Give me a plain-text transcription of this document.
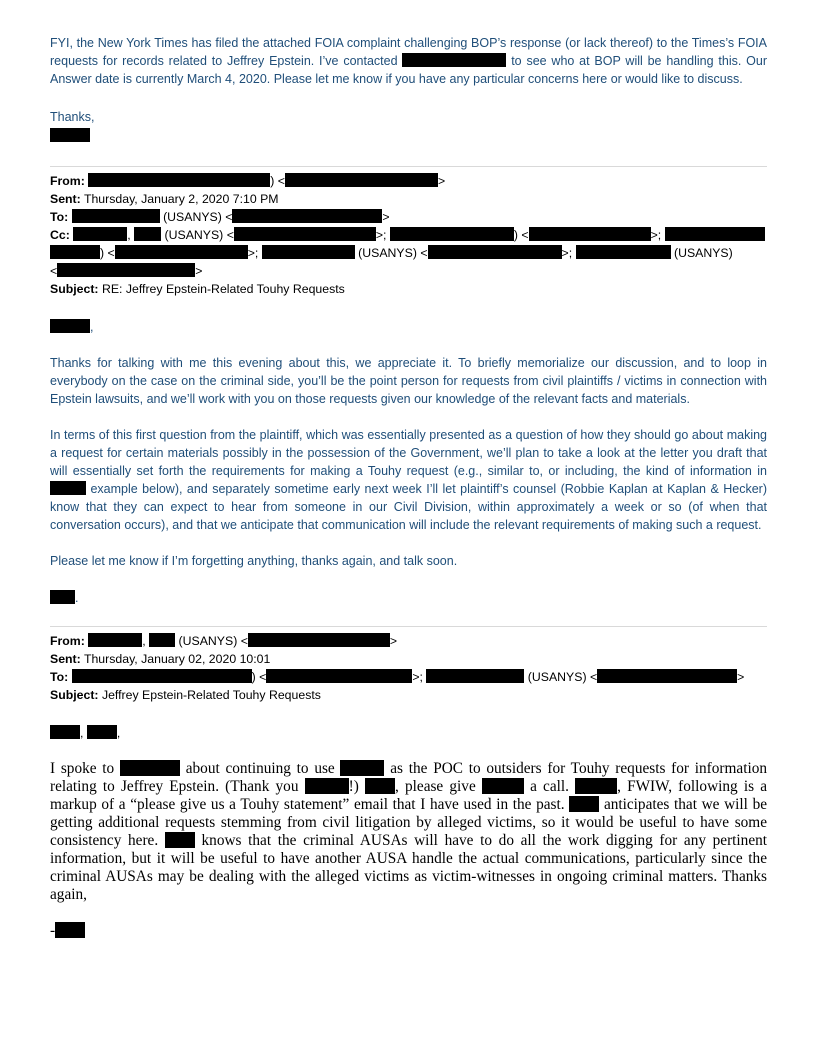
FYI, the New York Times has filed the attached FOIA complaint challenging BOP’s response (or lack thereof) to the Times’s FOIA requests for records related to Jeffrey Epstein. I’ve contacted	to see who at BOP will be handling this. Our Answer date is currently March 4, 2020. Please let me know if you have any particular concerns here or would like to discuss.

Thanks,

From:	) <	>
Sent: Thursday, January 2, 2020 7:10 PM
To:	(USANYS) <	>
Cc:	,	(USANYS) <	>;	) <	>;
) <	>;	(USANYS) <	>;	(USANYS)
<	>
Subject: RE: Jeffrey Epstein-Related Touhy Requests

,

Thanks for talking with me this evening about this, we appreciate it. To briefly memorialize our discussion, and to loop in everybody on the case on the criminal side, you’ll be the point person for requests from civil plaintiffs / victims in connection with Epstein lawsuits, and we’ll work with you on those requests given our knowledge of the relevant facts and materials.

In terms of this first question from the plaintiff, which was essentially presented as a question of how they should go about making a request for certain materials possibly in the possession of the Government, we’ll plan to take a look at the letter you draft that will essentially set forth the requirements for making a Touhy request (e.g., similar to, or including, the kind of information in  example below), and separately sometime early next week I’ll let plaintiff’s counsel (Robbie Kaplan at Kaplan & Hecker) know that they can expect to hear from someone in our Civil Division, within approximately a week or so (of when that conversation occurs), and that we anticipate that communication will include the relevant requirements of making such a request.

Please let me know if I’m forgetting anything, thanks again, and talk soon.

.

From:	,	(USANYS) <	>
Sent: Thursday, January 02, 2020 10:01
To:	) <	>;	(USANYS) <	>
Subject: Jeffrey Epstein-Related Touhy Requests

,	,

I spoke to	about continuing to use	as the POC to outsiders for Touhy requests for information relating to Jeffrey Epstein. (Thank you	!) , please give	a call.	, FWIW, following is a markup of a “please give us a Touhy statement” email that I have used in the past.	anticipates that we will be getting additional requests stemming from civil litigation by alleged victims, so it would be useful to have some consistency here.	knows that the criminal AUSAs will have to do all the work digging for any pertinent information, but it will be useful to have another AUSA handle the actual communications, particularly since the criminal AUSAs may be dealing with the alleged victims as victim-witnesses in ongoing criminal matters. Thanks again,

-
